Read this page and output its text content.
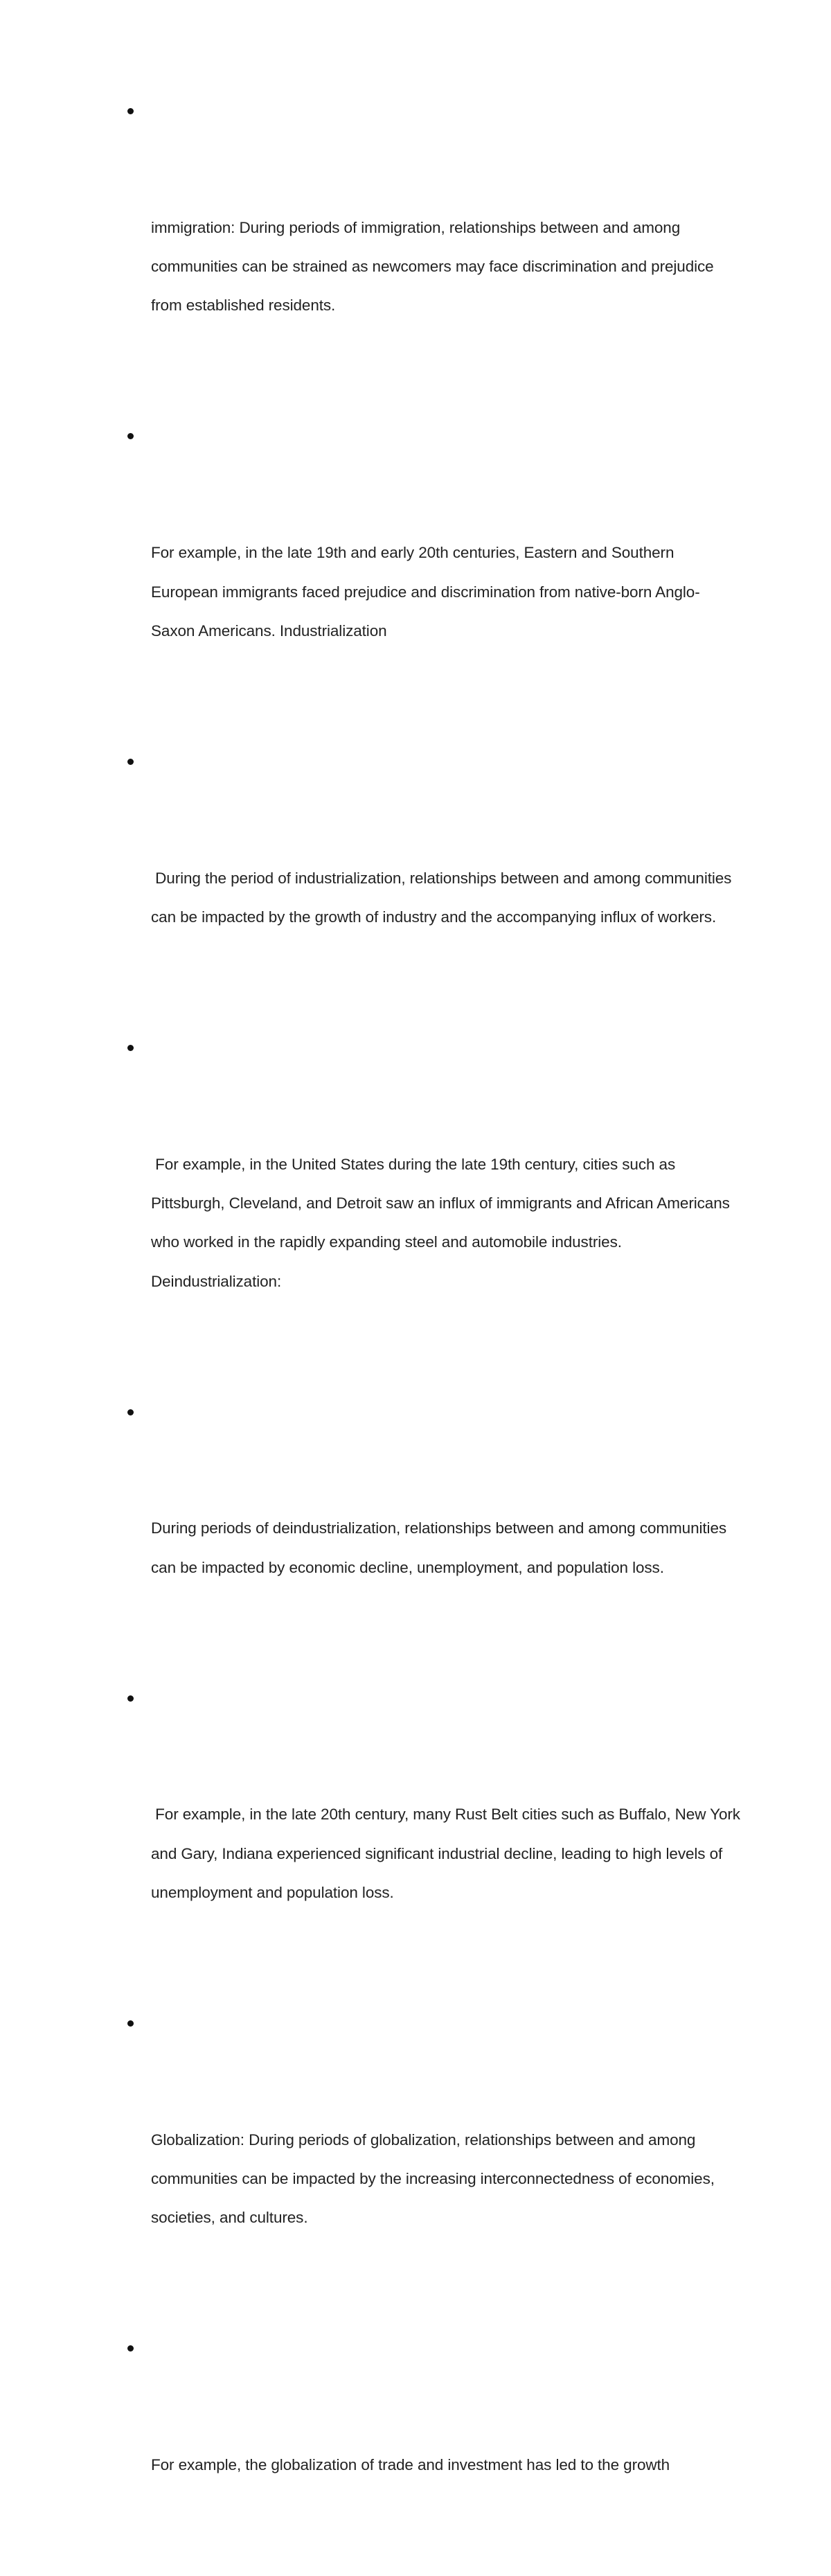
immigration: During periods of immigration, relationships between and among communities can be strained as newcomers may face discrimination and prejudice from established residents.

For example, in the late 19th and early 20th centuries, Eastern and Southern European immigrants faced prejudice and discrimination from native-born Anglo-Saxon Americans. Industrialization

During the period of industrialization, relationships between and among communities can be impacted by the growth of industry and the accompanying influx of workers.

For example, in the United States during the late 19th century, cities such as Pittsburgh, Cleveland, and Detroit saw an influx of immigrants and African Americans who worked in the rapidly expanding steel and automobile industries. Deindustrialization:

During periods of deindustrialization, relationships between and among communities can be impacted by economic decline, unemployment, and population loss.

For example, in the late 20th century, many Rust Belt cities such as Buffalo, New York and Gary, Indiana experienced significant industrial decline, leading to high levels of unemployment and population loss.

Globalization: During periods of globalization, relationships between and among communities can be impacted by the increasing interconnectedness of economies, societies, and cultures.

For example, the globalization of trade and investment has led to the growth
